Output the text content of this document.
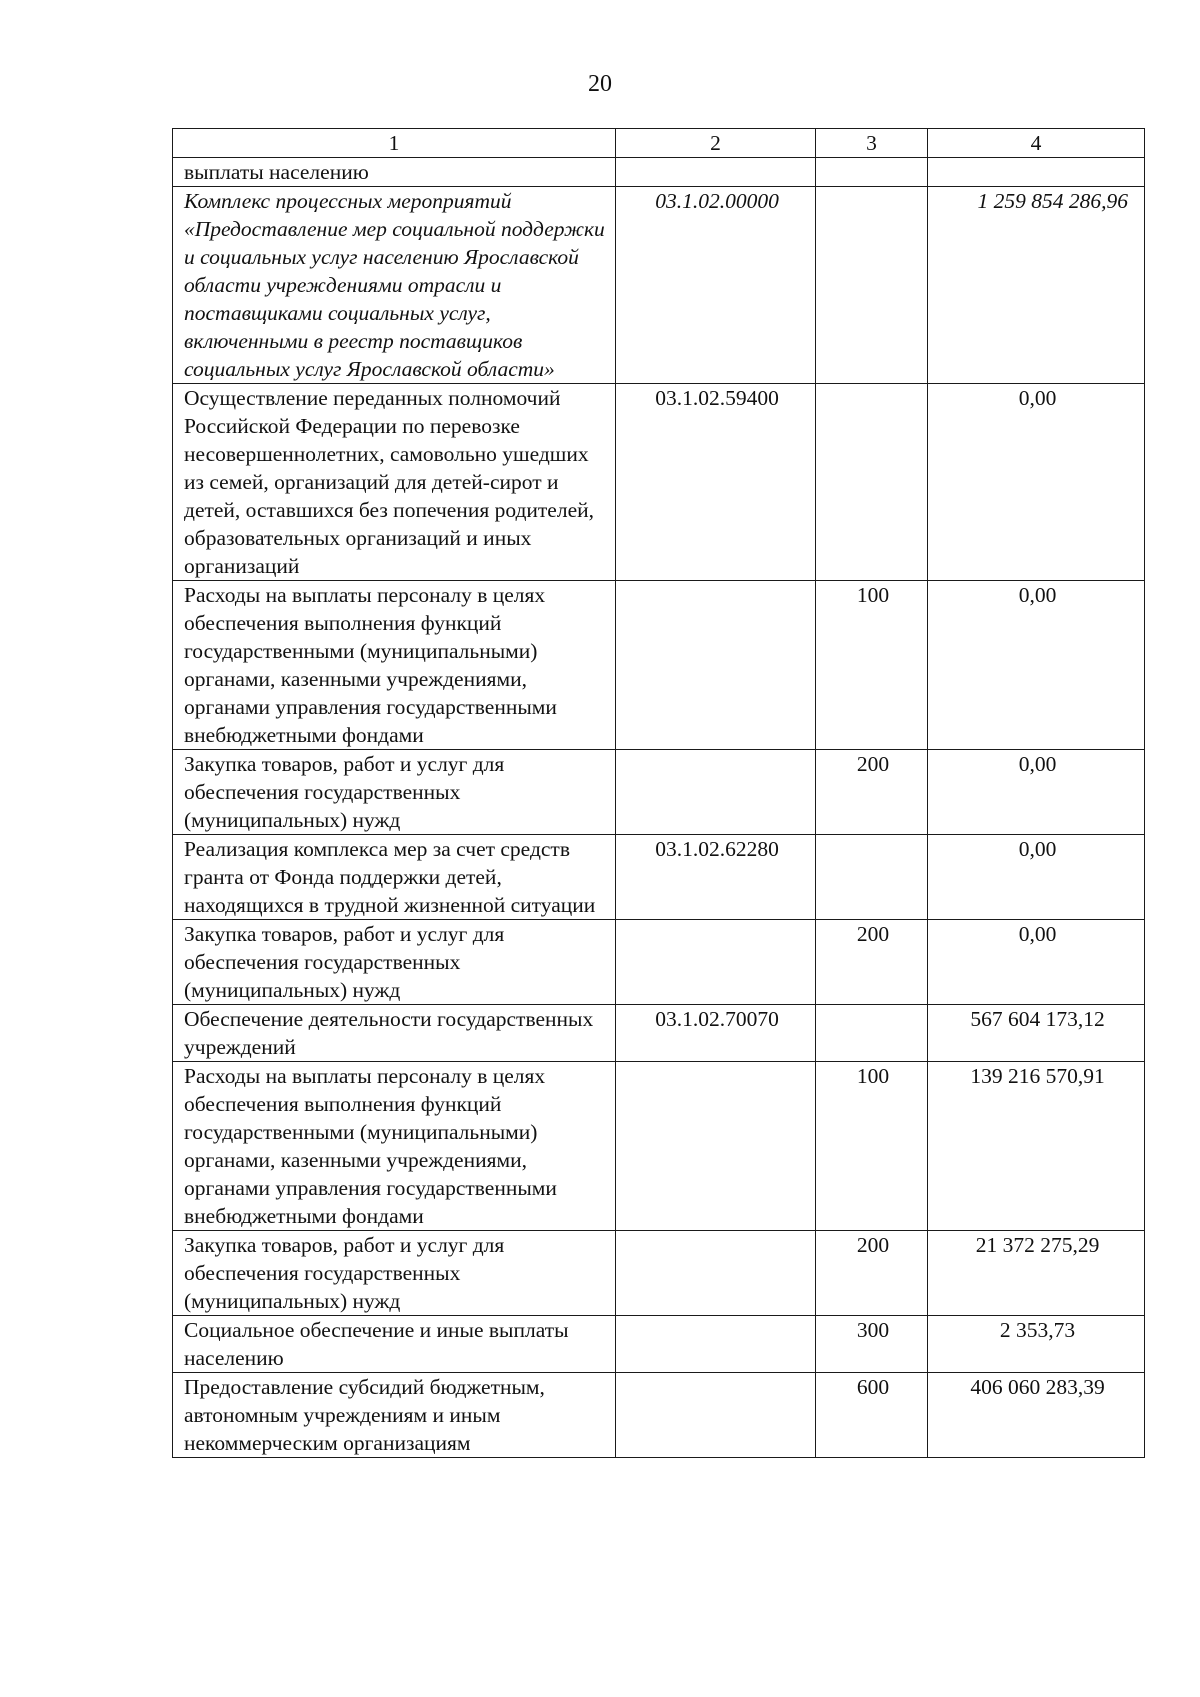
20
1	2	3	4
выплаты населению			
Комплекс процессных мероприятий «Предоставление мер социальной поддержки и социальных услуг населению Ярославской области учреждениями отрасли и поставщиками социальных услуг, включенными в реестр поставщиков социальных услуг Ярославской области»	03.1.02.00000		1 259 854 286,96
Осуществление переданных полномочий Российской Федерации по перевозке несовершеннолетних, самовольно ушедших из семей, организаций для детей-сирот и детей, оставшихся без попечения родителей, образовательных организаций и иных организаций	03.1.02.59400		0,00
Расходы на выплаты персоналу в целях обеспечения выполнения функций государственными (муниципальными) органами, казенными учреждениями, органами управления государственными внебюджетными фондами		100	0,00
Закупка товаров, работ и услуг для обеспечения государственных (муниципальных) нужд		200	0,00
Реализация комплекса мер за счет средств гранта от Фонда поддержки детей, находящихся в трудной жизненной ситуации	03.1.02.62280		0,00
Закупка товаров, работ и услуг для обеспечения государственных (муниципальных) нужд		200	0,00
Обеспечение деятельности государственных учреждений	03.1.02.70070		567 604 173,12
Расходы на выплаты персоналу в целях обеспечения выполнения функций государственными (муниципальными) органами, казенными учреждениями, органами управления государственными внебюджетными фондами		100	139 216 570,91
Закупка товаров, работ и услуг для обеспечения государственных (муниципальных) нужд		200	21 372 275,29
Социальное обеспечение и иные выплаты населению		300	2 353,73
Предоставление субсидий бюджетным, автономным учреждениям и иным некоммерческим организациям		600	406 060 283,39
